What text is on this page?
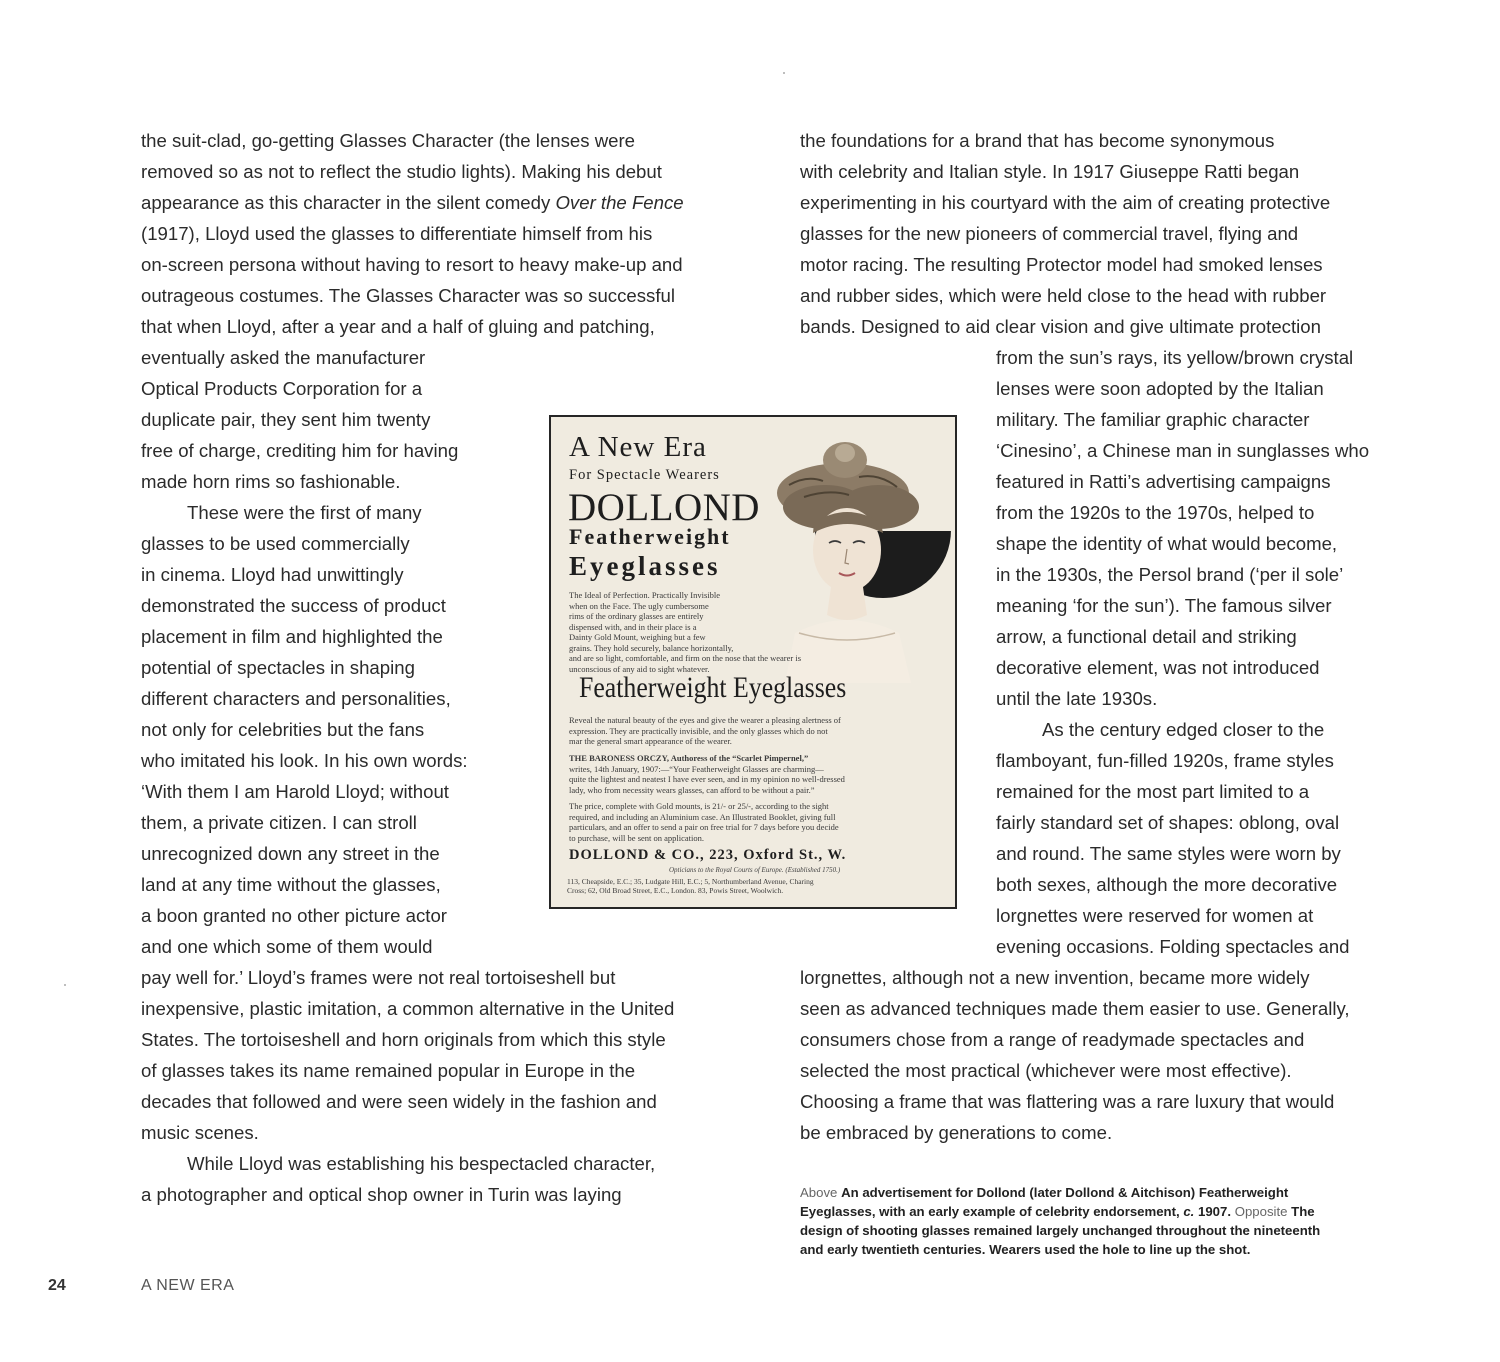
the suit-clad, go-getting Glasses Character (the lenses were
removed so as not to reflect the studio lights). Making his debut
appearance as this character in the silent comedy Over the Fence
(1917), Lloyd used the glasses to differentiate himself from his
on-screen persona without having to resort to heavy make-up and
outrageous costumes. The Glasses Character was so successful
that when Lloyd, after a year and a half of gluing and patching,
eventually asked the manufacturer
Optical Products Corporation for a
duplicate pair, they sent him twenty
free of charge, crediting him for having
made horn rims so fashionable.
These were the first of many
glasses to be used commercially
in cinema. Lloyd had unwittingly
demonstrated the success of product
placement in film and highlighted the
potential of spectacles in shaping
different characters and personalities,
not only for celebrities but the fans
who imitated his look. In his own words:
‘With them I am Harold Lloyd; without
them, a private citizen. I can stroll
unrecognized down any street in the
land at any time without the glasses,
a boon granted no other picture actor
and one which some of them would
pay well for.’ Lloyd’s frames were not real tortoiseshell but
inexpensive, plastic imitation, a common alternative in the United
States. The tortoiseshell and horn originals from which this style
of glasses takes its name remained popular in Europe in the
decades that followed and were seen widely in the fashion and
music scenes.
While Lloyd was establishing his bespectacled character,
a photographer and optical shop owner in Turin was laying
the foundations for a brand that has become synonymous
with celebrity and Italian style. In 1917 Giuseppe Ratti began
experimenting in his courtyard with the aim of creating protective
glasses for the new pioneers of commercial travel, flying and
motor racing. The resulting Protector model had smoked lenses
and rubber sides, which were held close to the head with rubber
bands. Designed to aid clear vision and give ultimate protection
from the sun’s rays, its yellow/brown crystal
lenses were soon adopted by the Italian
military. The familiar graphic character
‘Cinesino’, a Chinese man in sunglasses who
featured in Ratti’s advertising campaigns
from the 1920s to the 1970s, helped to
shape the identity of what would become,
in the 1930s, the Persol brand (‘per il sole’
meaning ‘for the sun’). The famous silver
arrow, a functional detail and striking
decorative element, was not introduced
until the late 1930s.
As the century edged closer to the
flamboyant, fun-filled 1920s, frame styles
remained for the most part limited to a
fairly standard set of shapes: oblong, oval
and round. The same styles were worn by
both sexes, although the more decorative
lorgnettes were reserved for women at
evening occasions. Folding spectacles and
lorgnettes, although not a new invention, became more widely
seen as advanced techniques made them easier to use. Generally,
consumers chose from a range of readymade spectacles and
selected the most practical (whichever were most effective).
Choosing a frame that was flattering was a rare luxury that would
be embraced by generations to come.
A New Era
For Spectacle Wearers
DOLLOND
Featherweight
Eyeglasses
The Ideal of Perfection. Practically Invisible
when on the Face. The ugly cumbersome
rims of the ordinary glasses are entirely
dispensed with, and in their place is a
Dainty Gold Mount, weighing but a few
grains. They hold securely, balance horizontally,
and are so light, comfortable, and firm on the nose that the wearer is
unconscious of any aid to sight whatever.
Featherweight Eyeglasses
Reveal the natural beauty of the eyes and give the wearer a pleasing alertness of
expression. They are practically invisible, and the only glasses which do not
mar the general smart appearance of the wearer.
THE BARONESS ORCZY, Authoress of the “Scarlet Pimpernel,”
writes, 14th January, 1907:—“Your Featherweight Glasses are charming—
quite the lightest and neatest I have ever seen, and in my opinion no well-dressed
lady, who from necessity wears glasses, can afford to be without a pair.”
The price, complete with Gold mounts, is 21/- or 25/-, according to the sight
required, and including an Aluminium case. An Illustrated Booklet, giving full
particulars, and an offer to send a pair on free trial for 7 days before you decide
to purchase, will be sent on application.
DOLLOND & CO., 223, Oxford St., W.
Opticians to the Royal Courts of Europe. (Established 1750.)
113, Cheapside, E.C.; 35, Ludgate Hill, E.C.; 5, Northumberland Avenue, Charing
Cross; 62, Old Broad Street, E.C., London. 83, Powis Street, Woolwich.
Above An advertisement for Dollond (later Dollond & Aitchison) Featherweight
Eyeglasses, with an early example of celebrity endorsement, c. 1907. Opposite The
design of shooting glasses remained largely unchanged throughout the nineteenth
and early twentieth centuries. Wearers used the hole to line up the shot.
24	A NEW ERA
